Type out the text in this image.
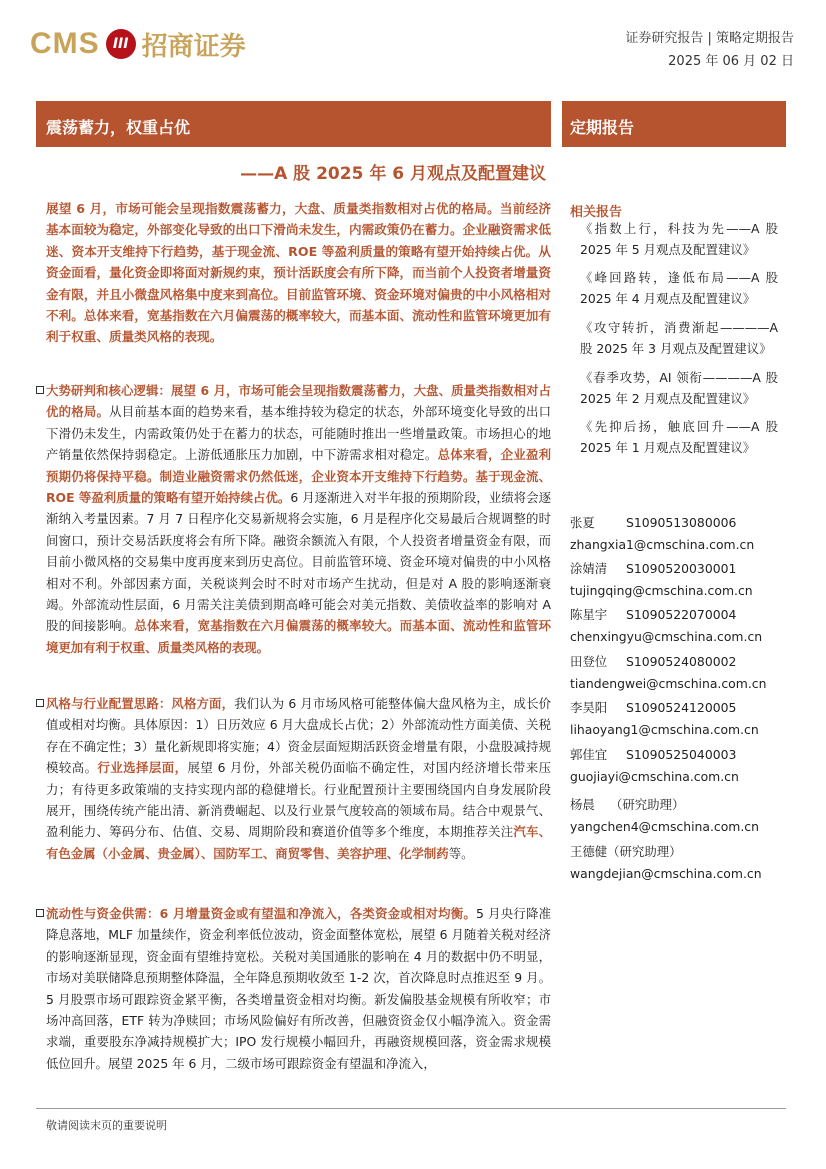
CMS III 招商证券	证券研究报告 | 策略定期报告
2025 年 06 月 02 日
震荡蓄力，权重占优
——A 股 2025 年 6 月观点及配置建议
定期报告
展望 6 月，市场可能会呈现指数震荡蓄力，大盘、质量类指数相对占优的格局。当前经济基本面较为稳定，外部变化导致的出口下滑尚未发生，内需政策仍在蓄力。企业融资需求低迷、资本开支维持下行趋势，基于现金流、ROE 等盈利质量的策略有望开始持续占优。从资金面看，量化资金即将面对新规约束，预计活跃度会有所下降，而当前个人投资者增量资金有限，并且小微盘风格集中度来到高位。目前监管环境、资金环境对偏贵的中小风格相对不利。总体来看，宽基指数在六月偏震荡的概率较大，而基本面、流动性和监管环境更加有利于权重、质量类风格的表现。
大势研判和核心逻辑：展望 6 月，市场可能会呈现指数震荡蓄力，大盘、质量类指数相对占优的格局。从目前基本面的趋势来看，基本维持较为稳定的状态，外部环境变化导致的出口下滑仍未发生，内需政策仍处于在蓄力的状态，可能随时推出一些增量政策。市场担心的地产销量依然保持弱稳定。上游低通胀压力加剧，中下游需求相对稳定。总体来看，企业盈利预期仍将保持平稳。制造业融资需求仍然低迷，企业资本开支维持下行趋势。基于现金流、ROE 等盈利质量的策略有望开始持续占优。6 月逐渐进入对半年报的预期阶段，业绩将会逐渐纳入考量因素。7 月 7 日程序化交易新规将会实施，6 月是程序化交易最后合规调整的时间窗口，预计交易活跃度将会有所下降。融资余额流入有限，个人投资者增量资金有限，而目前小微风格的交易集中度再度来到历史高位。目前监管环境、资金环境对偏贵的中小风格相对不利。外部因素方面，关税谈判会时不时对市场产生扰动，但是对 A 股的影响逐渐衰竭。外部流动性层面，6 月需关注美债到期高峰可能会对美元指数、美债收益率的影响对 A 股的间接影响。总体来看，宽基指数在六月偏震荡的概率较大。而基本面、流动性和监管环境更加有利于权重、质量类风格的表现。
风格与行业配置思路：风格方面，我们认为 6 月市场风格可能整体偏大盘风格为主，成长价值或相对均衡。具体原因：1）日历效应 6 月大盘成长占优；2）外部流动性方面美债、关税存在不确定性；3）量化新规即将实施；4）资金层面短期活跃资金增量有限，小盘股减持规模较高。行业选择层面，展望 6 月份，外部关税仍面临不确定性，对国内经济增长带来压力；有待更多政策端的支持实现内部的稳健增长。行业配置预计主要围绕国内自身发展阶段展开，围绕传统产能出清、新消费崛起、以及行业景气度较高的领域布局。结合中观景气、盈利能力、筹码分布、估值、交易、周期阶段和赛道价值等多个维度，本期推荐关注汽车、有色金属（小金属、贵金属）、国防军工、商贸零售、美容护理、化学制药等。
流动性与资金供需：6 月增量资金或有望温和净流入，各类资金或相对均衡。5 月央行降准降息落地，MLF 加量续作，资金利率低位波动，资金面整体宽松，展望 6 月随着关税对经济的影响逐渐显现，资金面有望维持宽松。关税对美国通胀的影响在 4 月的数据中仍不明显，市场对美联储降息预期整体降温，全年降息预期收敛至 1-2 次，首次降息时点推迟至 9 月。5 月股票市场可跟踪资金紧平衡，各类增量资金相对均衡。新发偏股基金规模有所收窄；市场冲高回落，ETF 转为净赎回；市场风险偏好有所改善，但融资资金仅小幅净流入。资金需求端，重要股东净减持规模扩大；IPO 发行规模小幅回升，再融资规模回落，资金需求规模低位回升。展望 2025 年 6 月，二级市场可跟踪资金有望温和净流入，
相关报告
《指数上行，科技为先——A 股 2025 年 5 月观点及配置建议》
《峰回路转，逢低布局——A 股 2025 年 4 月观点及配置建议》
《攻守转折，消费渐起————A 股 2025 年 3 月观点及配置建议》
《春季攻势，AI 领衔————A 股 2025 年 2 月观点及配置建议》
《先抑后扬，触底回升——A 股 2025 年 1 月观点及配置建议》
张夏	S1090513080006
zhangxia1@cmschina.com.cn
涂婧清 S1090520030001
tujingqing@cmschina.com.cn
陈星宇 S1090522070004
chenxingyu@cmschina.com.cn
田登位 S1090524080002
tiandengwei@cmschina.com.cn
李昊阳 S1090524120005
lihaoyang1@cmschina.com.cn
郭佳宜 S1090525040003
guojiayi@cmschina.com.cn
杨晨 （研究助理）
yangchen4@cmschina.com.cn
王德健（研究助理）
wangdejian@cmschina.com.cn
敬请阅读末页的重要说明
